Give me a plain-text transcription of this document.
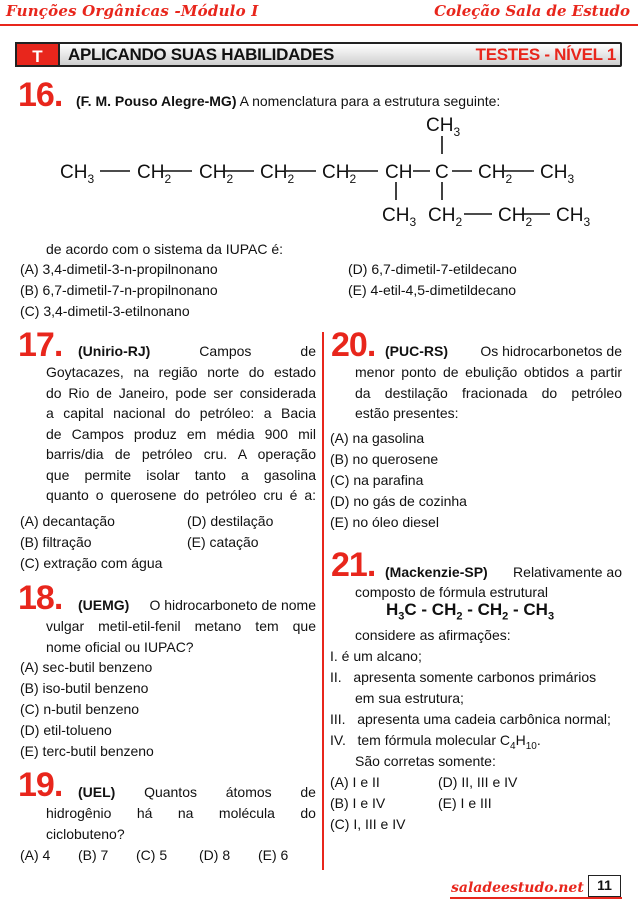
Funções Orgânicas -Módulo I	Coleção Sala de Estudo
T	APLICANDO SUAS HABILIDADES	TESTES - NÍVEL 1
16. (F. M. Pouso Alegre-MG) A nomenclatura para a estrutura seguinte:
$CH_3$ $CH_2$ $CH_2$ $CH_2$ $CH_2$ CH C $CH_2$ $CH_3$
$CH_3$
$CH_3$ $CH_2$ $CH_2$ $CH_3$
de acordo com o sistema da IUPAC é:
(A) 3,4-dimetil-3-n-propilnonano
(B) 6,7-dimetil-7-n-propilnonano
(C) 3,4-dimetil-3-etilnonano
(D) 6,7-dimetil-7-etildecano
(E) 4-etil-4,5-dimetildecano
17. (Unirio-RJ)	Campos	de
Goytacazes, na região norte do estado
do Rio de Janeiro, pode ser considerada
a capital nacional do petróleo: a Bacia
de Campos produz em média 900 mil
barris/dia de petróleo cru. A operação
que permite isolar tanto a gasolina
quanto o querosene do petróleo cru é a:
(A) decantação
(B) filtração
(C) extração com água
(D) destilação
(E) catação
18. (UEMG) O hidrocarboneto de nome
vulgar metil-etil-fenil metano tem que
nome oficial ou IUPAC?
(A) sec-butil benzeno
(B) iso-butil benzeno
(C) n-butil benzeno
(D) etil-tolueno
(E) terc-butil benzeno
19. (UEL) Quantos átomos de
hidrogênio há na molécula do
ciclobuteno?
(A) 4 (B) 7 (C) 5 (D) 8 (E) 6
20. (PUC-RS) Os hidrocarbonetos de
menor ponto de ebulição obtidos a partir
da destilação fracionada do petróleo
estão presentes:
(A) na gasolina
(B) no querosene
(C) na parafina
(D) no gás de cozinha
(E) no óleo diesel
21. (Mackenzie-SP) Relativamente ao
composto de fórmula estrutural
$H_3C - CH_2 - CH_2 - CH_3$
considere as afirmações:
I. é um alcano;
II.   apresenta somente carbonos primários
em sua estrutura;
III.   apresenta uma cadeia carbônica normal;
IV.   tem fórmula molecular $C_4H_{10}$.
São corretas somente:
(A) I e II
(B) I e IV
(C) I, III e IV
(D) II, III e IV
(E) I e III
saladeestudo.net 11
